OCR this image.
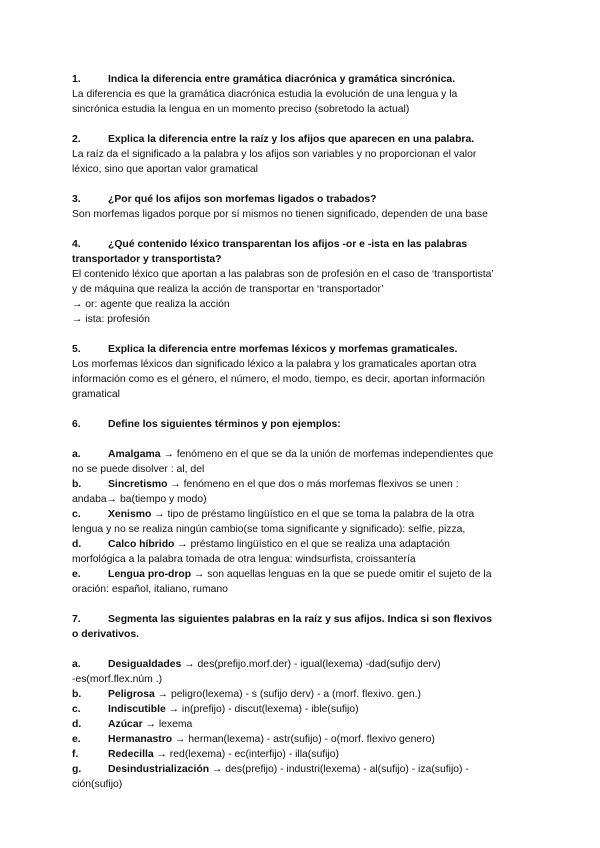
1.	Indica la diferencia entre gramática diacrónica y gramática sincrónica.
La diferencia es que la gramática diacrónica estudia la evolución de una lengua y la
sincrónica estudia la lengua en un momento preciso (sobretodo la actual)
2.	Explica la diferencia entre la raíz y los afijos que aparecen en una palabra.
La raíz da el significado a la palabra y los afijos son variables y no proporcionan el valor
léxico, sino que aportan valor gramatical
3.	¿Por qué los afijos son morfemas ligados o trabados?
Son morfemas ligados porque por sí mismos no tienen significado, dependen de una base
4.	¿Qué contenido léxico transparentan los afijos -or e -ista en las palabras
transportador y transportista?
El contenido léxico que aportan a las palabras son de profesión en el caso de ‘transportista’
y de máquina que realiza la acción de transportar en ‘transportador’
→ or: agente que realiza la acción
→ ista: profesión
5.	Explica la diferencia entre morfemas léxicos y morfemas gramaticales.
Los morfemas léxicos dan significado léxico a la palabra y los gramaticales aportan otra
información como es el género, el número, el modo, tiempo, es decir, aportan información
gramatical
6.	Define los siguientes términos y pon ejemplos:
a.	Amalgama → fenómeno en el que se da la unión de morfemas independientes que
no se puede disolver : al, del
b.	Sincretismo → fenómeno en el que dos o más morfemas flexivos se unen :
andaba→ ba(tiempo y modo)
c.	Xenismo → tipo de préstamo lingüístico en el que se toma la palabra de la otra
lengua y no se realiza ningún cambio(se toma significante y significado): selfie, pizza,
d.	Calco híbrido → préstamo lingüístico en el que se realiza una adaptación
morfológica a la palabra tomada de otra lengua: windsurfista, croissantería
e.	Lengua pro-drop → son aquellas lenguas en la que se puede omitir el sujeto de la
oración: español, italiano, rumano
7.	Segmenta las siguientes palabras en la raíz y sus afijos. Indica si son flexivos
o derivativos.
a.	Desigualdades → des(prefijo.morf.der) - igual(lexema) -dad(sufijo derv)
-es(morf.flex.núm .)
b.	Peligrosa → peligro(lexema) - s (sufijo derv) - a (morf. flexivo. gen.)
c.	Indiscutible → in(prefijo) - discut(lexema) - ible(sufijo)
d.	Azúcar → lexema
e.	Hermanastro → herman(lexema) - astr(sufijo) - o(morf. flexivo genero)
f.	Redecilla → red(lexema) - ec(interfijo) - illa(sufijo)
g.	Desindustrialización → des(prefijo) - industri(lexema) - al(sufijo) - iza(sufijo) -
ción(sufijo)
